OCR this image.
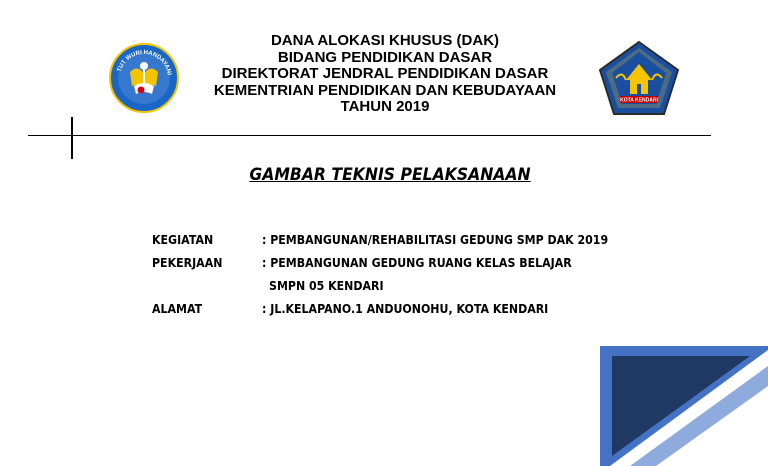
TUT WURI HANDAYANI
DANA ALOKASI KHUSUS (DAK)
BIDANG PENDIDIKAN DASAR
DIREKTORAT JENDRAL PENDIDIKAN DASAR
KEMENTRIAN PENDIDIKAN DAN KEBUDAYAAN
TAHUN 2019	KOTA KENDARI
GAMBAR TEKNIS PELAKSANAAN
KEGIATAN	: PEMBANGUNAN/REHABILITASI GEDUNG SMP DAK 2019
PEKERJAAN	: PEMBANGUNAN GEDUNG RUANG KELAS BELAJAR
SMPN 05 KENDARI
ALAMAT	: JL.KELAPANO.1 ANDUONOHU, KOTA KENDARI
